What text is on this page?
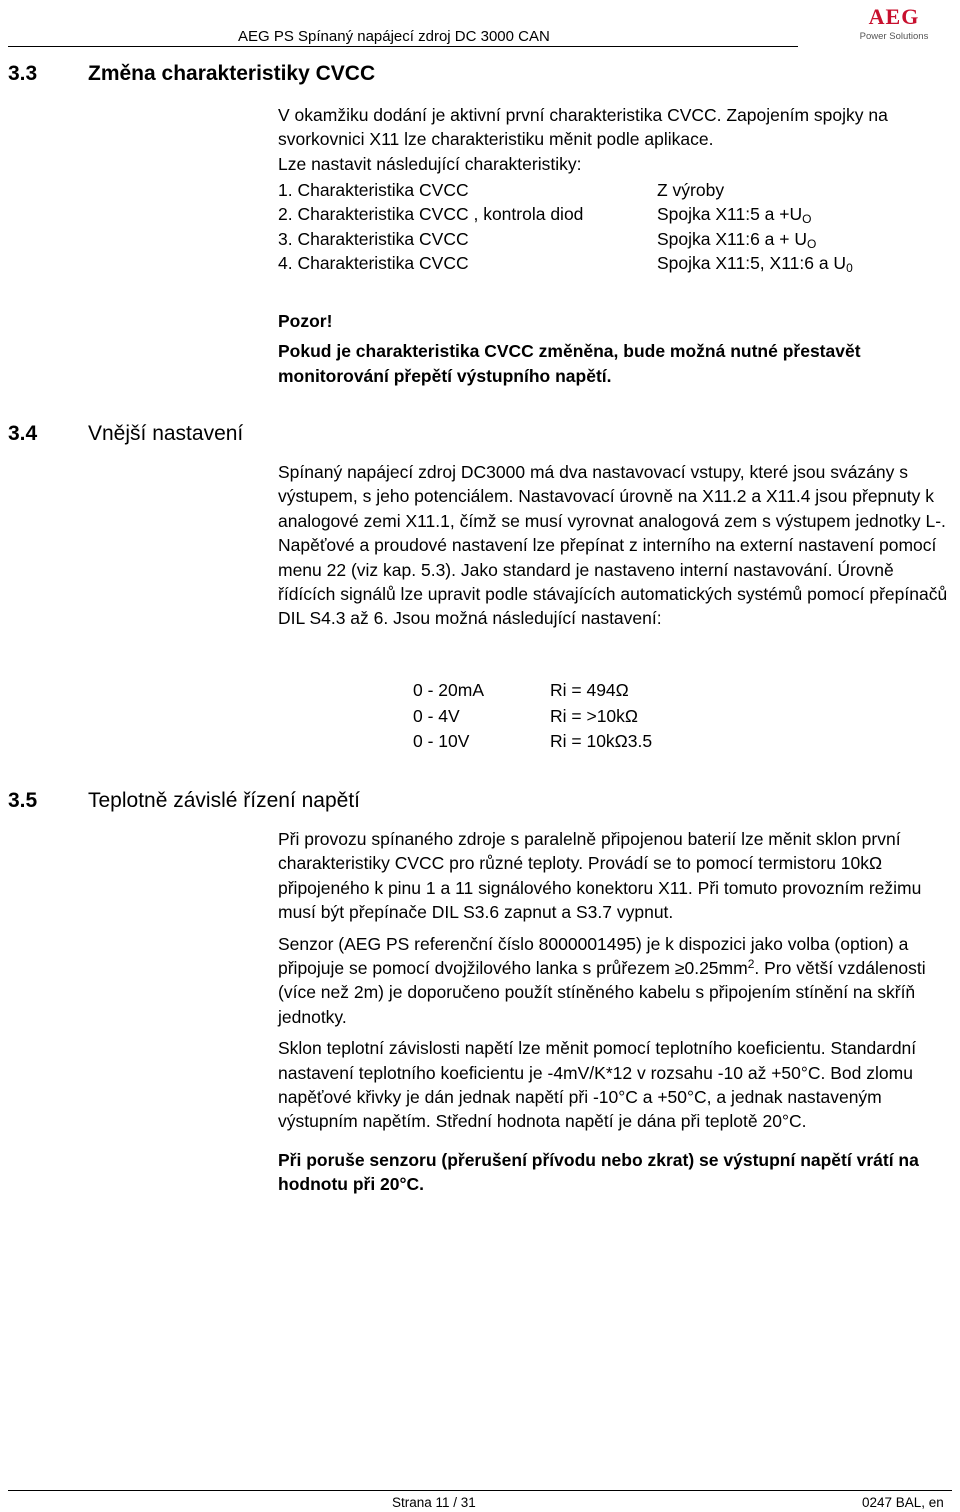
AEG PS Spínaný napájecí zdroj DC 3000 CAN
AEG
Power Solutions
3.3 Změna charakteristiky CVCC

V okamžiku dodání je aktivní první charakteristika CVCC. Zapojením spojky na svorkovnici X11 lze charakteristiku měnit podle aplikace.

Lze nastavit následující charakteristiky:

1. Charakteristika CVCC	Z výroby
2. Charakteristika CVCC , kontrola diod	Spojka X11:5 $a +U_O$
3. Charakteristika CVCC	Spojka X11:6 $a + U_O$
4. Charakteristika CVCC	Spojka X11:5, X11:6 a $U_0$

Pozor!

Pokud je charakteristika CVCC změněna, bude možná nutné přestavět monitorování přepětí výstupního napětí.

3.4 Vnější nastavení

Spínaný napájecí zdroj DC3000 má dva nastavovací vstupy, které jsou svázány s výstupem, s jeho potenciálem. Nastavovací úrovně na X11.2 a X11.4 jsou přepnuty k analogové zemi X11.1, čímž se musí vyrovnat analogová zem s výstupem jednotky L-.

Napěťové a proudové nastavení lze přepínat z interního na externí nastavení pomocí menu 22 (viz kap. 5.3). Jako standard je nastaveno interní nastavování. Úrovně řídících signálů lze upravit podle stávajících automatických systémů pomocí přepínačů DIL S4.3 až 6. Jsou možná následující nastavení:

0 - 20mA	Ri = 494Ω
0 - 4V	Ri = >10kΩ
0 - 10V	Ri = 10kΩ3.5
3.5 Teplotně závislé řízení napětí

Při provozu spínaného zdroje s paralelně připojenou baterií lze měnit sklon první charakteristiky CVCC pro různé teploty. Provádí se to pomocí termistoru 10kΩ připojeného k pinu 1 a 11 signálového konektoru X11. Při tomuto provozním režimu musí být přepínače DIL S3.6 zapnut a S3.7 vypnut.

Senzor (AEG PS referenční číslo 8000001495) je k dispozici jako volba (option) a připojuje se pomocí dvojžilového lanka s průřezem $\ge 0.25mm^2$. Pro větší vzdálenosti (více než 2m) je doporučeno použít stíněného kabelu s připojením stínění na skříň jednotky.

Sklon teplotní závislosti napětí lze měnit pomocí teplotního koeficientu. Standardní nastavení teplotního koeficientu je -4mV/K*12 v rozsahu -10 až +50°C. Bod zlomu napěťové křivky je dán jednak napětí při -10°C a +50°C, a jednak nastaveným výstupním napětím. Střední hodnota napětí je dána při teplotě 20°C.

Při poruše senzoru (přerušení přívodu nebo zkrat) se výstupní napětí vrátí na hodnotu při 20°C.

Strana 11 / 31	0247 BAL, en
